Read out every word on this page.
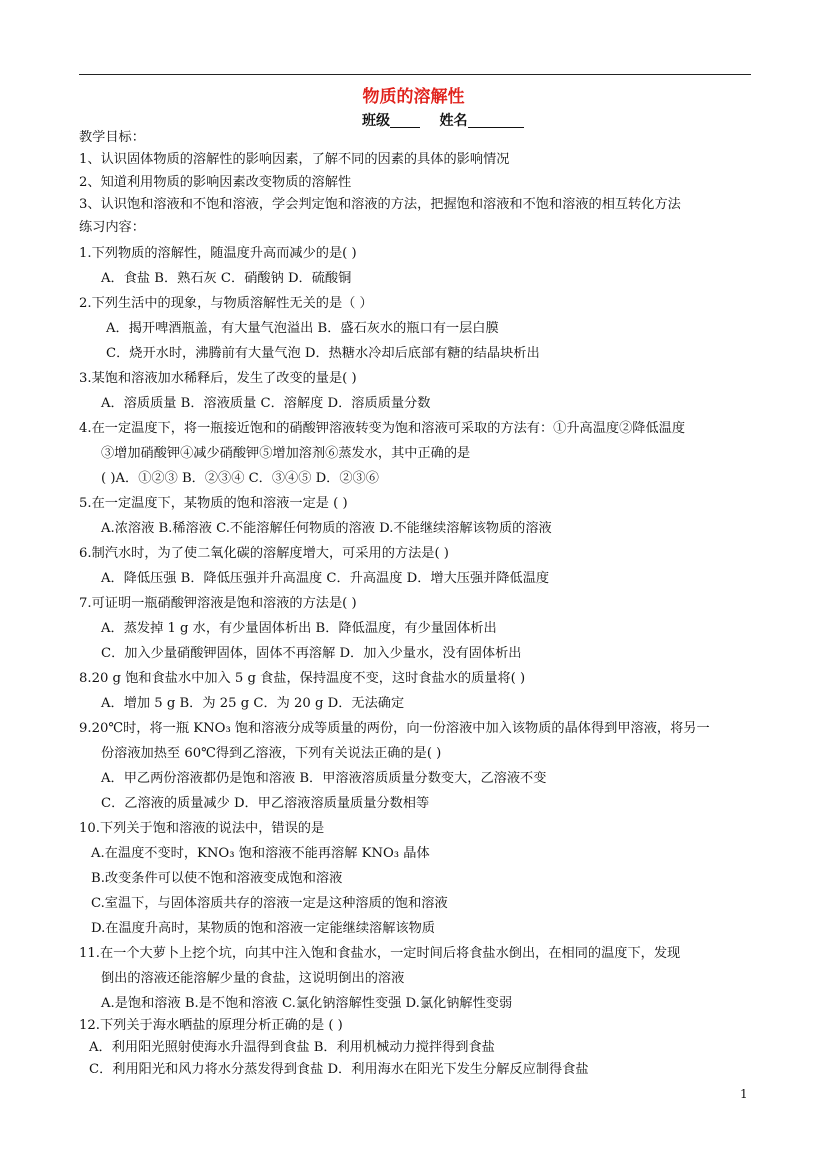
物质的溶解性
班级	姓名
教学目标：
1、认识固体物质的溶解性的影响因素，了解不同的因素的具体的影响情况
2、知道利用物质的影响因素改变物质的溶解性
3、认识饱和溶液和不饱和溶液，学会判定饱和溶液的方法，把握饱和溶液和不饱和溶液的相互转化方法
练习内容：
1.下列物质的溶解性，随温度升高而减少的是( )
A．食盐 B．熟石灰 C．硝酸钠 D．硫酸铜
2.下列生活中的现象，与物质溶解性无关的是（ ）
A．揭开啤酒瓶盖，有大量气泡溢出 B．盛石灰水的瓶口有一层白膜
C．烧开水时，沸腾前有大量气泡 D．热糖水冷却后底部有糖的结晶块析出
3.某饱和溶液加水稀释后，发生了改变的量是( )
A．溶质质量 B．溶液质量 C．溶解度 D．溶质质量分数
4.在一定温度下，将一瓶接近饱和的硝酸钾溶液转变为饱和溶液可采取的方法有：①升高温度②降低温度
③增加硝酸钾④减少硝酸钾⑤增加溶剂⑥蒸发水，其中正确的是
( )A．①②③ B．②③④ C．③④⑤ D．②③⑥
5.在一定温度下，某物质的饱和溶液一定是 ( )
A.浓溶液 B.稀溶液 C.不能溶解任何物质的溶液 D.不能继续溶解该物质的溶液
6.制汽水时，为了使二氧化碳的溶解度增大，可采用的方法是( )
A．降低压强 B．降低压强并升高温度 C．升高温度 D．增大压强并降低温度
7.可证明一瓶硝酸钾溶液是饱和溶液的方法是( )
A．蒸发掉 1 g 水，有少量固体析出 B．降低温度，有少量固体析出
C．加入少量硝酸钾固体，固体不再溶解 D．加入少量水，没有固体析出
8.20 g 饱和食盐水中加入 5 g 食盐，保持温度不变，这时食盐水的质量将( )
A．增加 5 g B．为 25 g C．为 20 g D．无法确定
9.20℃时，将一瓶 KNO₃ 饱和溶液分成等质量的两份，向一份溶液中加入该物质的晶体得到甲溶液，将另一
份溶液加热至 60℃得到乙溶液，下列有关说法正确的是( )
A．甲乙两份溶液都仍是饱和溶液 B．甲溶液溶质质量分数变大，乙溶液不变
C．乙溶液的质量减少 D．甲乙溶液溶质量质量分数相等
10.下列关于饱和溶液的说法中，错误的是
A.在温度不变时，KNO₃ 饱和溶液不能再溶解 KNO₃ 晶体
B.改变条件可以使不饱和溶液变成饱和溶液
C.室温下，与固体溶质共存的溶液一定是这种溶质的饱和溶液
D.在温度升高时，某物质的饱和溶液一定能继续溶解该物质
11.在一个大萝卜上挖个坑，向其中注入饱和食盐水，一定时间后将食盐水倒出，在相同的温度下，发现
倒出的溶液还能溶解少量的食盐，这说明倒出的溶液
A.是饱和溶液 B.是不饱和溶液 C.氯化钠溶解性变强 D.氯化钠解性变弱
12.下列关于海水晒盐的原理分析正确的是 ( )
A．利用阳光照射使海水升温得到食盐 B．利用机械动力搅拌得到食盐
C．利用阳光和风力将水分蒸发得到食盐 D．利用海水在阳光下发生分解反应制得食盐
1
